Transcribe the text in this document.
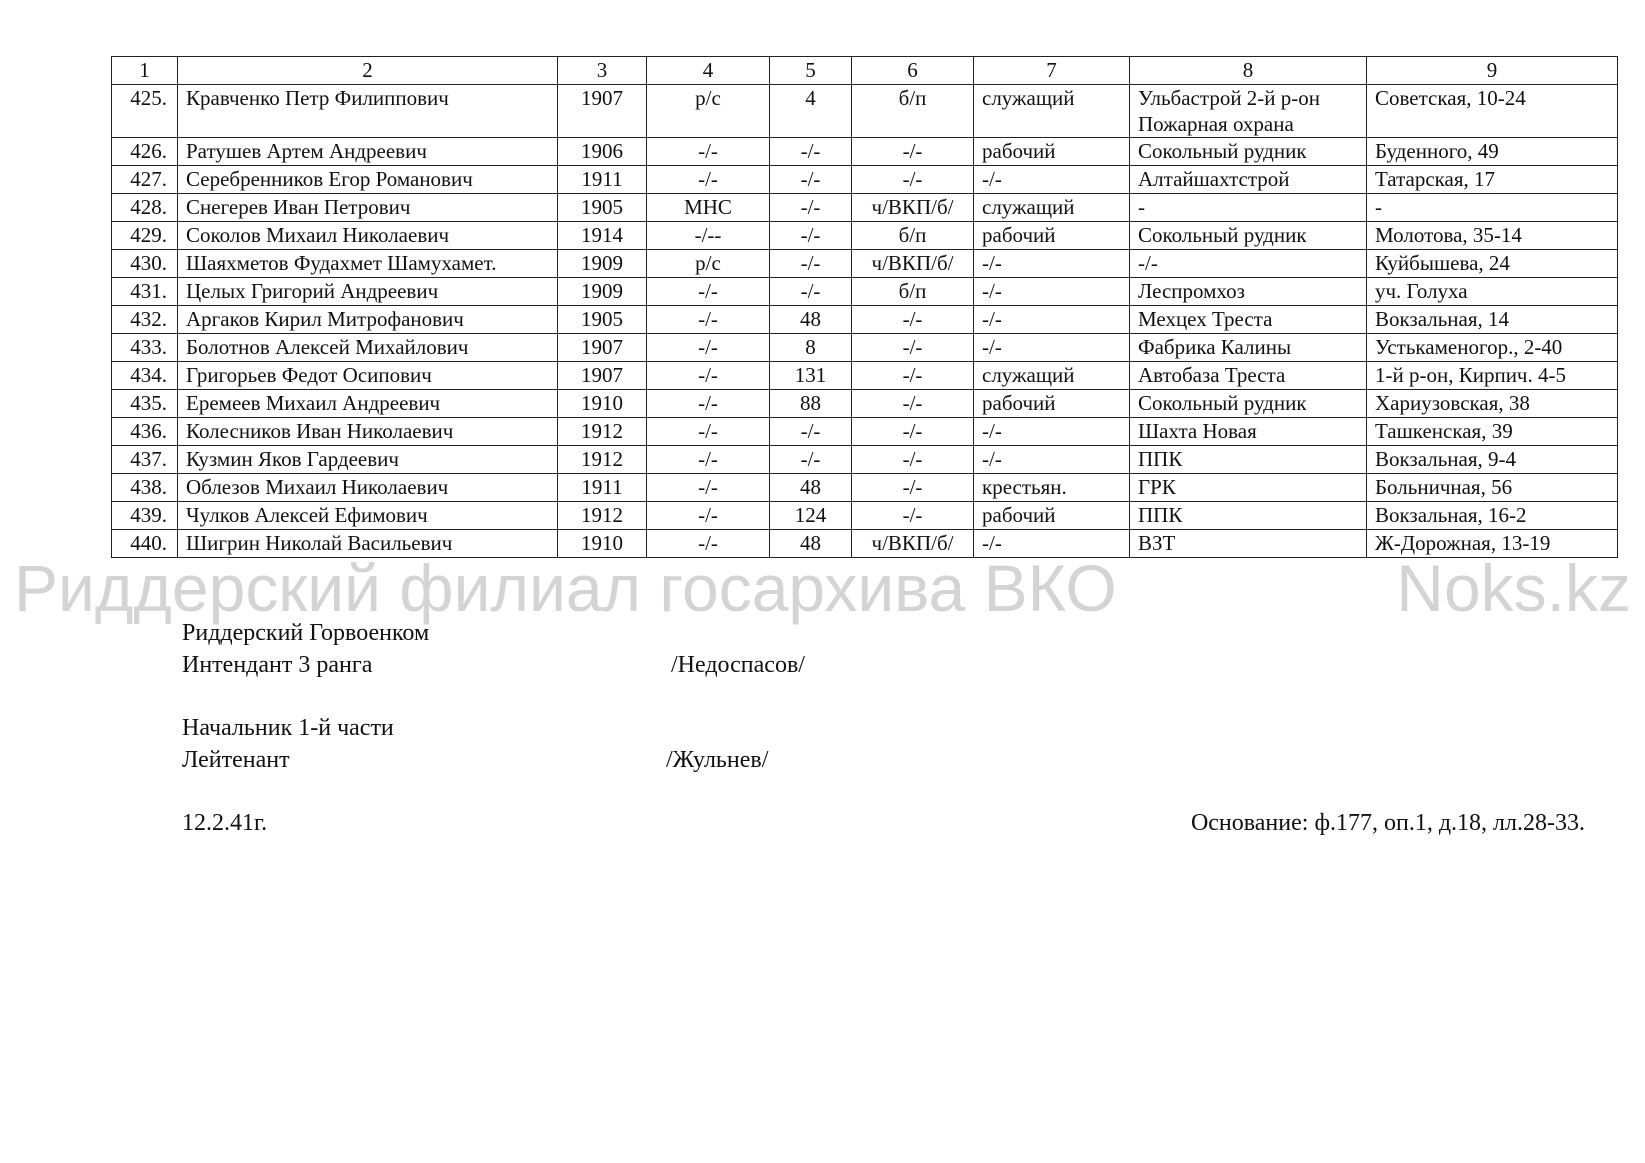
1	2	3	4	5	6	7	8	9
425.	Кравченко Петр Филиппович	1907	р/с	4	б/п	служащий	Ульбастрой 2-й р-он Пожарная охрана	Советская, 10-24
426.	Ратушев Артем Андреевич	1906	-/-	-/-	-/-	рабочий	Сокольный рудник	Буденного, 49
427.	Серебренников Егор Романович	1911	-/-	-/-	-/-	-/-	Алтайшахтстрой	Татарская, 17
428.	Снегерев Иван Петрович	1905	МНС	-/-	ч/ВКП/б/	служащий	-	-
429.	Соколов Михаил Николаевич	1914	-/--	-/-	б/п	рабочий	Сокольный рудник	Молотова, 35-14
430.	Шаяхметов Фудахмет Шамухамет.	1909	р/с	-/-	ч/ВКП/б/	-/-	-/-	Куйбышева, 24
431.	Целых Григорий Андреевич	1909	-/-	-/-	б/п	-/-	Леспромхоз	уч. Голуха
432.	Аргаков Кирил Митрофанович	1905	-/-	48	-/-	-/-	Мехцех Треста	Вокзальная, 14
433.	Болотнов Алексей Михайлович	1907	-/-	8	-/-	-/-	Фабрика Калины	Устькаменогор., 2-40
434.	Григорьев Федот Осипович	1907	-/-	131	-/-	служащий	Автобаза Треста	1-й р-он, Кирпич. 4-5
435.	Еремеев Михаил Андреевич	1910	-/-	88	-/-	рабочий	Сокольный рудник	Хариузовская, 38
436.	Колесников Иван Николаевич	1912	-/-	-/-	-/-	-/-	Шахта Новая	Ташкенская, 39
437.	Кузмин Яков Гардеевич	1912	-/-	-/-	-/-	-/-	ППК	Вокзальная, 9-4
438.	Облезов Михаил Николаевич	1911	-/-	48	-/-	крестьян.	ГРК	Больничная, 56
439.	Чулков Алексей Ефимович	1912	-/-	124	-/-	рабочий	ППК	Вокзальная, 16-2
440.	Шигрин Николай Васильевич	1910	-/-	48	ч/ВКП/б/	-/-	ВЗТ	Ж-Дорожная, 13-19
Риддерский филиал госархива ВКО	Noks.kz
Риддерский Горвоенком
Интендант 3 ранга	/Недоспасов/
Начальник 1-й части
Лейтенант	/Жульнев/
12.2.41г.	Основание: ф.177, оп.1, д.18, лл.28-33.
